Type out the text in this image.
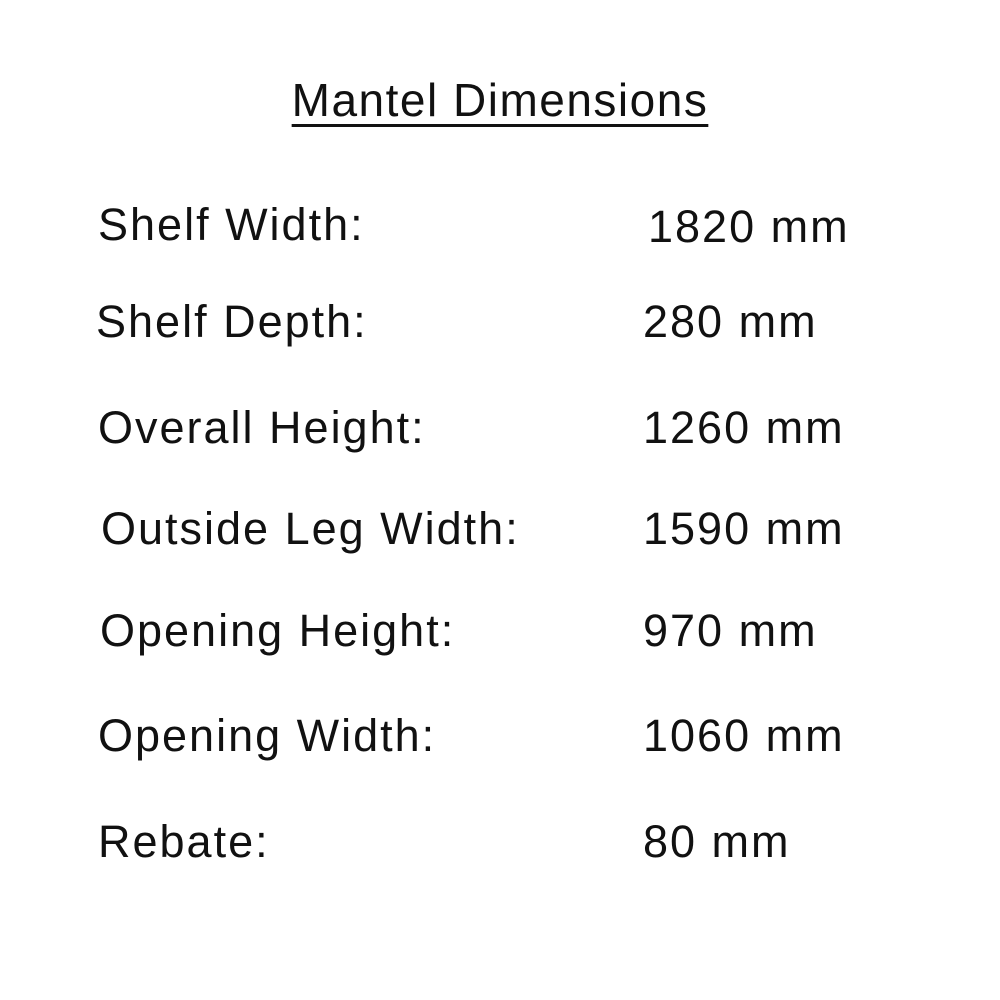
Mantel Dimensions
Shelf Width:	1820 mm
Shelf Depth:	280 mm
Overall Height:	1260 mm
Outside Leg Width:	1590 mm
Opening Height:	970 mm
Opening Width:	1060 mm
Rebate:	80 mm
